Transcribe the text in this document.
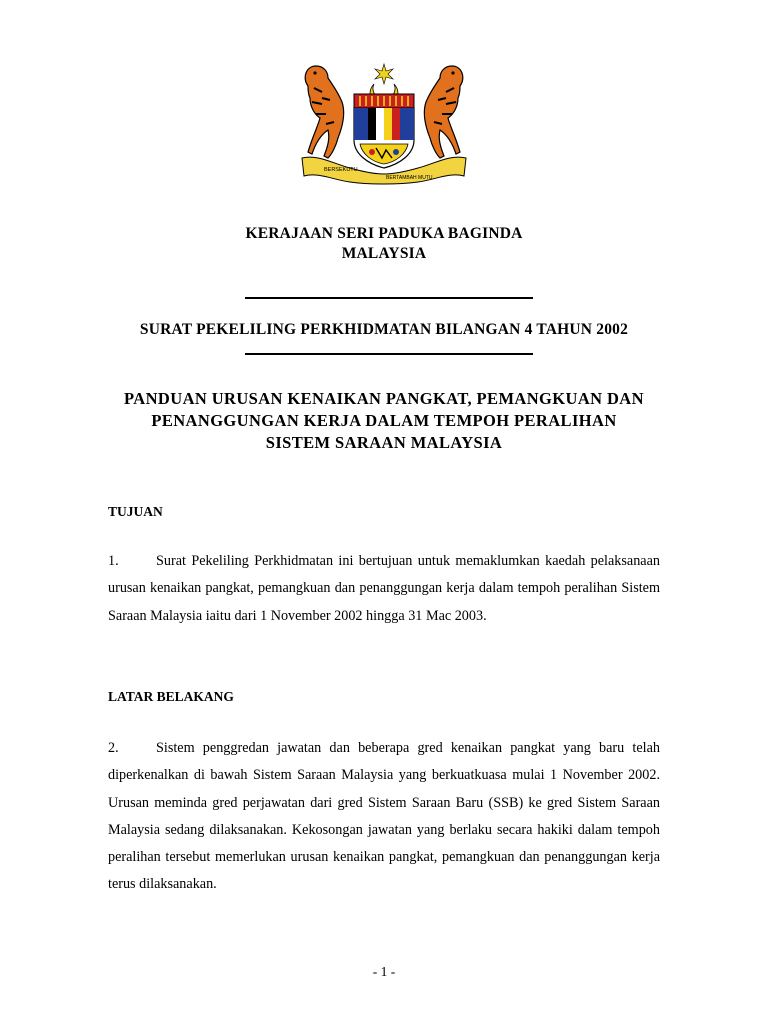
BERSEKUTU
BERTAMBAH MUTU
KERAJAAN SERI PADUKA BAGINDA
MALAYSIA
SURAT PEKELILING PERKHIDMATAN BILANGAN 4 TAHUN 2002
PANDUAN URUSAN KENAIKAN PANGKAT, PEMANGKUAN DAN
PENANGGUNGAN KERJA DALAM TEMPOH PERALIHAN
SISTEM SARAAN MALAYSIA
TUJUAN
1.	Surat Pekeliling Perkhidmatan ini bertujuan untuk memaklumkan kaedah pelaksanaan urusan kenaikan pangkat, pemangkuan dan penanggungan kerja dalam tempoh peralihan Sistem Saraan Malaysia iaitu dari 1 November 2002 hingga 31 Mac 2003.
LATAR BELAKANG
2.	Sistem penggredan jawatan dan beberapa gred kenaikan pangkat yang baru telah diperkenalkan di bawah Sistem Saraan Malaysia yang berkuatkuasa mulai 1 November 2002. Urusan meminda gred perjawatan dari gred Sistem Saraan Baru (SSB) ke gred Sistem Saraan Malaysia sedang dilaksanakan. Kekosongan jawatan yang berlaku secara hakiki dalam tempoh peralihan tersebut memerlukan urusan kenaikan pangkat, pemangkuan dan penanggungan kerja terus dilaksanakan.
- 1 -
